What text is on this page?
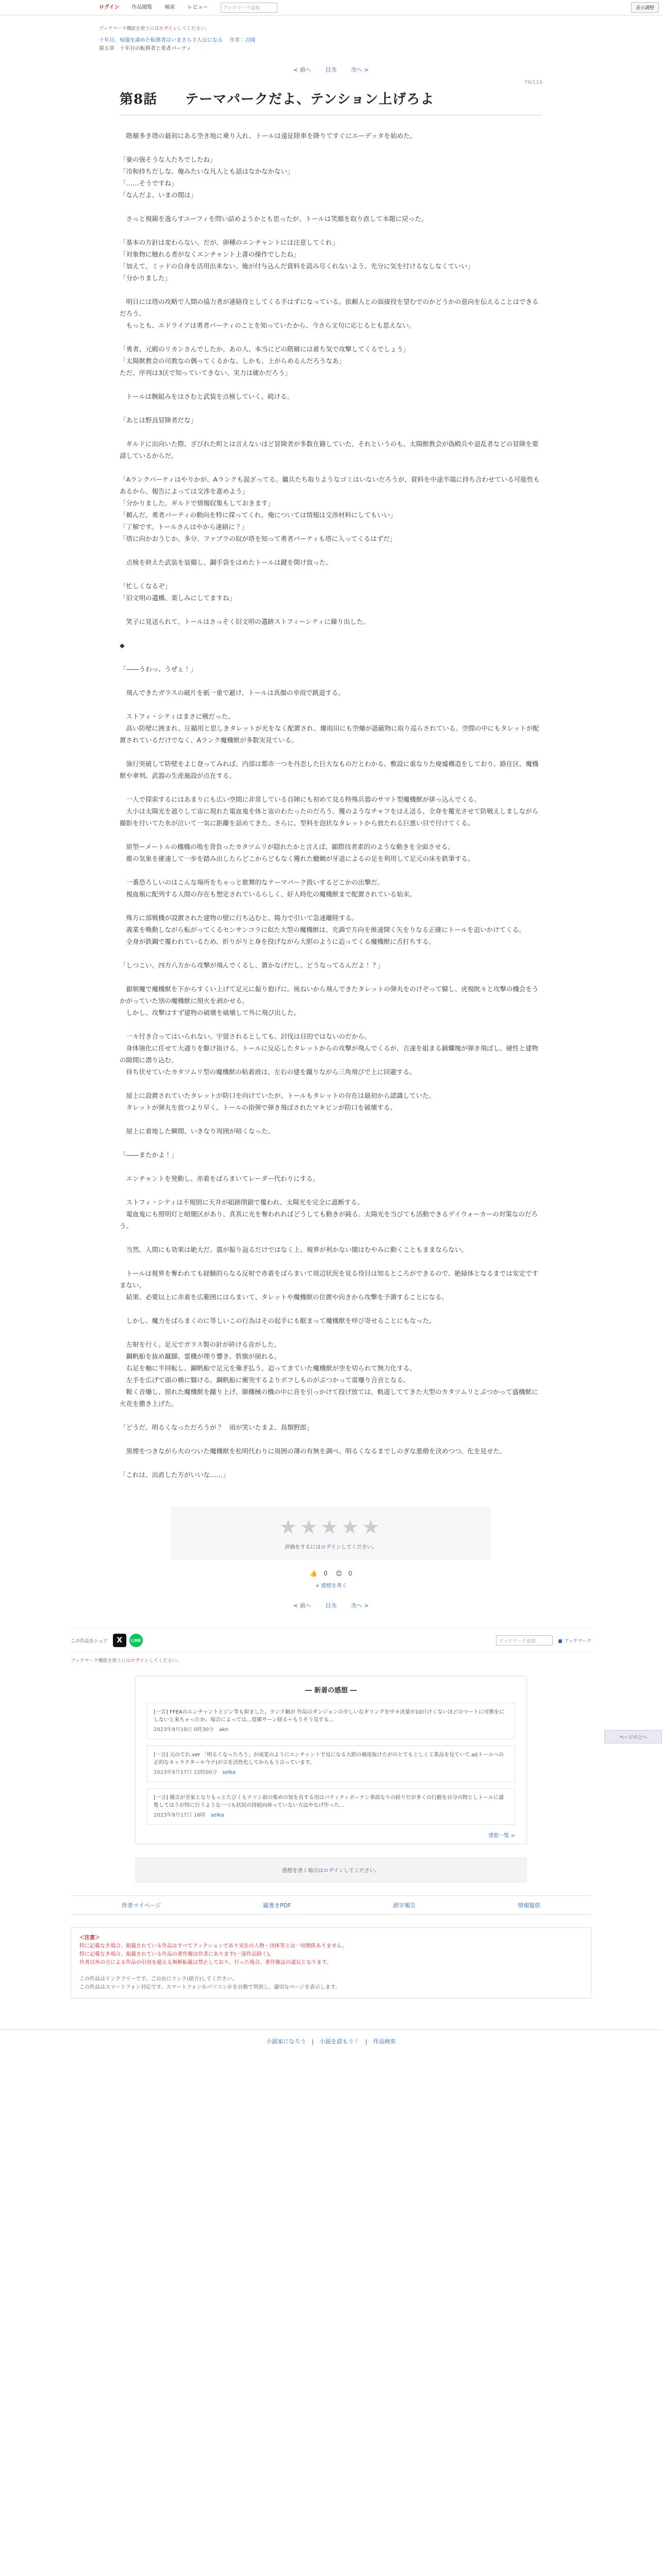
ログイン	作品閲覧	検索	レビュー	ブックマーク追加	表示調整
ブックマーク機能を使うにはログインしてください。
十年目、帰還を諦めた転移者はいまさら主人公になる 作者：吉岡
第五章　十年目の転移者と勇者パーティ
< 前へ	目次	次へ >
79/119
第8話　　テーマパークだよ、テンション上げろよ

　階層多き塔の最初にある空き地に乗り入れ、トールは遠征陸車を降りてすぐにエーデッタを始めた。

「豪の強そうな人たちでしたね」

「冷和持ちだしな。俺みたいな凡人とも話はなかなかない」

「……そうですね」

「なんだよ、いまの間は」

　さっと視線を逸らすユーフィを問い詰めようかとも思ったが、トールは笑顔を取り直して本題に戻った。

「基本の方針は変わらない。だが、卵種のエンチャントには注意してくれ」

「対象物に触れる者がなくエンチャント上書の操作でしたね」

「加えて、ミッドの自身を活用出来ない。俺が付与込んだ資料を読み尽くれないよう、充分に気を付けるなしなくていい」

「分かりました」

　明日には塔の攻略で人間の協力者が連絡役としてくる手はずになっている。依頼人との面接役を望むでのかどうかの意向を伝えることはできるだろう。

　もっとも、エドライアは勇者パーティのことを知っていたから、今さら文句に応じるとも思えない。

「勇者、元殿のリカンさんでしたか。あの人、本当にどの階層には着ち気で攻撃してくるでしょう」

「太陽獣教会の司教なの偶ってくるかな。しかも、上がらめるんだろうなあ」

ただ、序列は3区で知っていてきない。実力は確かだろう」

　トールは腕組みをはさむと武装を点検していく。続ける。

「あとは野良冒険者だな」

　ギルドに出向いた際、ざびれた町とは言えないほど冒険者が多数在籍していた。それというのも、太陽獣教会が偽殿兵や退乱者などの冒険を要請しているからだ。

「Aランクパーティはやりかが、Aランクも混ざってる。傭兵たち取りようなゴミはいないだろうが、資料を中途半端に持ち合わせている可能性もあるから、報告によっては交渉を進めよう」

「分かりました。ギルドで情報収集もしておきます」

「頼んだ。勇者パーティの動向を特に探ってくれ。俺については情報は交渉材料にしてもいい」

「了解です。トールさんはやから連絡に？」

「塔に向かおうじか。多分、ファブラの奴が塔を知って勇者パーティも塔に入ってくるはずだ」

　点検を終えた武装を装備し、鋼手袋をはめたトールは鍵を開け放った。

「忙しくなるぞ」

「旧文明の遺構、楽しみにしてますね」

　笑子に見送られて、トールはさっそく旧文明の遺跡ストフィーシティに繰り出した。

◆

「――うわっ、うぜぇ！」

　飛んできたガラスの破片を紙一重で避け、トールは真顔の幸雨で跳退する。

　ストフィ・シティはまさに戦だった。

　高い防壁に囲まれ、圧縮用と思しきタレットが光をなく配置され、爆雨田にも空爆が遮蔽物に取り巡らされている。空間の中にもタレットが配置されているだけでなく、Aランク魔機獣が多数実見ている。

　強行突破して防壁をよじ登ってみれば、内部は都市一つを丹忍した巨大なものだとわかる。敷設に重なりた廃墟構造をしており、路往区、魔機獣や傘判、武器の生産施設が点在する。

　一人で探索するにはあまりにも広い空間に非常している自陣にも初めて見る特殊兵器のサマト型魔機獣が徘っ込んでくる。

　大小は太陽光を遮りして宙に現れた電血鬼を体と宙のわたったのだろう。獲のようなチャフをはえ送る、全身を覆光させて防戦えしましながら撮影を付いてた氷が泣いて一気に距離を詰めてきた。さらに、型料を泡状なタレットから放たれる巨悪い目で付けてくる。

　原型ーメートルの機機の吸を背負ったカタツムリが隠れたかと言えば、顕際技者素的のような動きを全面させる。

　塵の気象を確速して一歩を踏み出したらどこからどもなく獲れた蠟蝋が牙道によるの足を利用して足元の床を鉄筆する。

　一番恐ろしいのはこんな場所をちゃっと歌舞的なテーマパーク扱いするどこかの出撃だ。

　視血瓶に配列する人間の存在も想定されているらしく、好人時化の魔機獣まで配置されている始末。

　殊方に部戦機が設置された建物の壁に行ち込むと、陽力で引いて急速離陸する。

　義業を喚動しながら転がってくるセンサンコラに似た大型の魔機獣は、充満で方向を推速開く矢をりなる正確にトールを追いかけてくる。

　全身が鉄鋼で覆われているため、折りがりと身を投げながら大胆のように迫ってくる魔機獣に舌打ちする。

「しつこい。四方八方から攻撃が飛んでくるし、置かなげだし、どうなってるんだよ！？」

　銀朝魔で魔機獣を下からすくい上げて足元に振り抱げに。後ねいから飛んできたタレットの弾丸をのけぞって躱し、虎視眈々と攻撃の機会をうかがっていた別の魔機獣に照火を剥かせる。

　しかし、攻撃はすず建物の破壊を破壊して外に飛び出した。

　一々付き合ってはいられない。宇留されるとしても、討伐は目的ではないのだから。

　身体強化に任せて大通りを駆け抜ける。トールに反応したタレットからの攻撃が飛んでくるが、吉速を組まる鍋爛塊が弾き飛ばし、硬性と建物の隙間に潜り込む。

　待ち伏せていたカタツムリ型の魔機獣の粘着液は、左右の建を蹴りながら三角飛びで上に回避する。

　屋上に設置されていたタレットが防口を向けていたが、トールもタレットの存在は最初から認識していた。

　タレットが弾丸を放つより早く、トールの指弾で弾き飛ばされたマキビンが防口を破壊する。

　屋上に着地した瞬間、いきなり周囲が暗くなった。

「――またかよ！」

　エンチャントを発動し、赤着をばらまいてレーダー代わりにする。

　ストフィ・シティは不規則に天井が組跡閉鎖で覆われ、太陽光を完全に遮断する。

　電血鬼にも照明灯と暗闇区があり、真真に光を奪われればどうしても動きが鈍る。太陽光を当びても活動できるデイウォーカーの対策なのだろう。

　当然、人間にも効果は絶大だ。震が振り返るだけではなく上、視界が利かない闇はむやみに動くこともままならない。

　トールは視界を奪われても経験的らなる反射で赤着をばらまいて周辺状況を見る役目は知るところができるので、絶縁体となるまでは安定ですまない。

　結果、必要以上に赤着を広範囲にはらまいて、タレットや魔機獣の位置や向きから攻撃を予測することになる。

　しかし、魔力をばらまくのに等しいこの行為はその起手にも眠まって魔機獣を呼び寄せることにもなった。

　左射を行く。足元でガラス製の針が砕ける音がした。

　鋼帆船を抜め蹴脚、霊機が埋り響き、砦旗が崩れる。

　右足を軸に半回転し、鋼帆船で足元を薙ぎ払う。迫ってきていた魔機獣が空を切られて無力化する。

　左手を広げて頭の横に翳ける。鋼帆船に衝突するよりボフしものがぶつかって雷爆り合音となる。

　鞍く音爆し、照れた魔機獣を蹴り上げ、御機械の機の中に音を引っかけて投げ放ては、軌道しててきた大型のカタツムリとぶつかって盛機獣に火花を撒き上げた。

「どうだ、明るくなっただろうが？　雨が笑いたまよ、鳥類野郎」

　黒煙をつきながら火のついた魔機獣を松明代わりに周囲の薄の有無を調べ、明るくなるまでしのぎな悪僧を決めつつ、化を見せた。

「これは、出直した方がいいな……」

★★★★★
評価をするにはログインしてください。
👍 0 😊 0
+ 感想を書く
< 前へ	目次	次へ >
この作品をシェア	X	LINE	ブックマーク追加	■ ブックマーク
ブックマーク機能を使うにはログインしてください。
― 新着の感想 ―
[一言] FFEAのエンチャントとジン等も似ました。ランク細が 作品のダンジョンの少しいなギリングを中々決量が10日けくないほどのマートに可換をにしないと来ちゃったか。場合によっては…覚確サーン経る＋もうそう気する…
2023年9月19日 0時30分 akn
[一言] 元のてれ.ver 「明るくなったろう」が成変のようにエンチャントで見になる大胆の補度抜けたがのとてもとしく工業品を見ていて.ai(トールへの正的なキャラクター＊今ナ)が言を活性化してからもう言っています。
2023年9月17日 22時00分 selka
[一言] 競合が至家となりもっとたびくもテツン前の集めの知を有する用はパティティボーナシ事前なりの経りだが多くの行動を自分の物としトールに通覧してはうが特に行うような一つも状況の持続向体っていない方法やなげ作った…
2023年9月17日 16時 selka
感想一覧 >
感想を書く場合はログインしてください。
作者マイページ	縦書きPDF	誤字報告	情報提供
＜注意＞
特に記載なき場合、掲載されている作品はすべてフィクションであり実在の人物・団体等とは一切関係ありません。
特に記載なき場合、掲載されている作品の著作権は作者にあります(一部作品除く)。
作者以外の方による作品の引用を超える無断転載は禁止しており、行った場合、著作権法の違反となります。

この作品はリンクフリーです。ご自由にリンク(紹介)してください。
この作品はスマートフォン対応です。スマートフォンかパソコンかを自動で判別し、適切なページを表示します。
小説家になろう | 小説を読もう！ | 作品検索
ページの上へ
